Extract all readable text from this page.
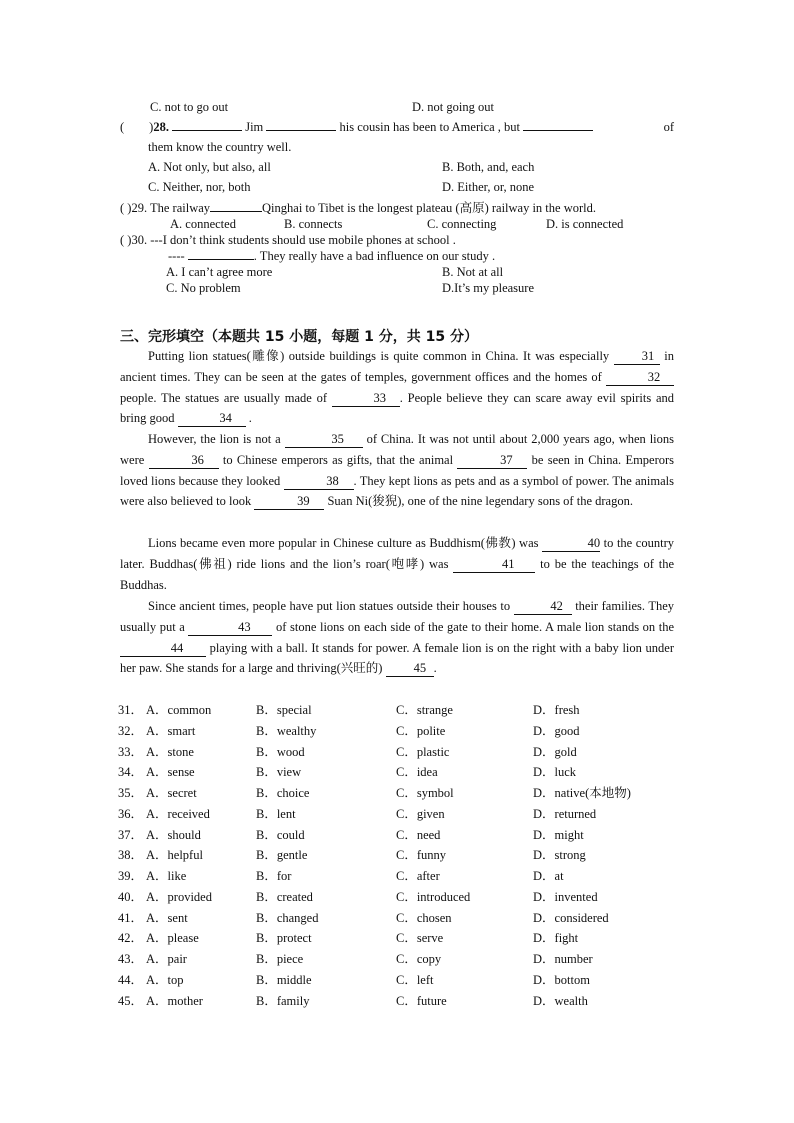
C. not to go out	D. not going out
(        )28.	Jim	his cousin has been to America , but	of
them know the country well.
A. Not only, but also, all	B. Both, and, each
C. Neither, nor, both	D. Either, or, none
( )29. The railway	Qinghai to Tibet is the longest plateau (高原) railway in the world.
A. connected	B. connects	C. connecting	D. is connected
( )30. ---I don’t think students should use mobile phones at school .
----	. They really have a bad influence on our study .
A. I can’t agree more	B. Not at all
C. No problem	D.It’s my pleasure
三、完形填空（本题共 15 小题，每题 1 分，共 15 分）
Putting lion statues(雕像) outside buildings is quite common in China. It was especially	31 in ancient times. They can be seen at the gates of temples, government offices and the homes of	32 people. The statues are usually made of	33 . People believe they can scare away evil spirits and bring good	34 .
However, the lion is not a	35 of China. It was not until about 2,000 years ago, when lions were	36 to Chinese emperors as gifts, that the animal	37 be seen in China. Emperors loved lions because they looked	38 . They kept lions as pets and as a symbol of power. The animals were also believed to look	39 Suan Ni(狻猊), one of the nine legendary sons of the dragon.
Lions became even more popular in Chinese culture as Buddhism(佛教) was	40 to the country later. Buddhas(佛祖) ride lions and the lion’s roar(咆哮) was	41 to be the teachings of the Buddhas.
Since ancient times, people have put lion statues outside their houses to	42 their families. They usually put a	43 of stone lions on each side of the gate to their home. A male lion stands on the 44 playing with a ball. It stands for power. A female lion is on the right with a baby lion under her paw. She stands for a large and thriving(兴旺的) 45 .
31． A．common	B．special	C．strange	D．fresh
32． A．smart	B．wealthy	C．polite	D．good
33． A．stone	B．wood	C．plastic	D．gold
34． A．sense	B．view	C．idea	D．luck
35． A．secret	B．choice	C．symbol	D．native(本地物)
36． A．received	B．lent	C．given	D．returned
37． A．should	B．could	C．need	D．might
38． A．helpful	B．gentle	C．funny	D．strong
39． A．like	B．for	C．after	D．at
40． A．provided	B．created	C．introduced	D．invented
41． A．sent	B．changed	C．chosen	D．considered
42． A．please	B．protect	C．serve	D．fight
43． A．pair	B．piece	C．copy	D．number
44． A．top	B．middle	C．left	D．bottom
45． A．mother	B．family	C．future	D．wealth
